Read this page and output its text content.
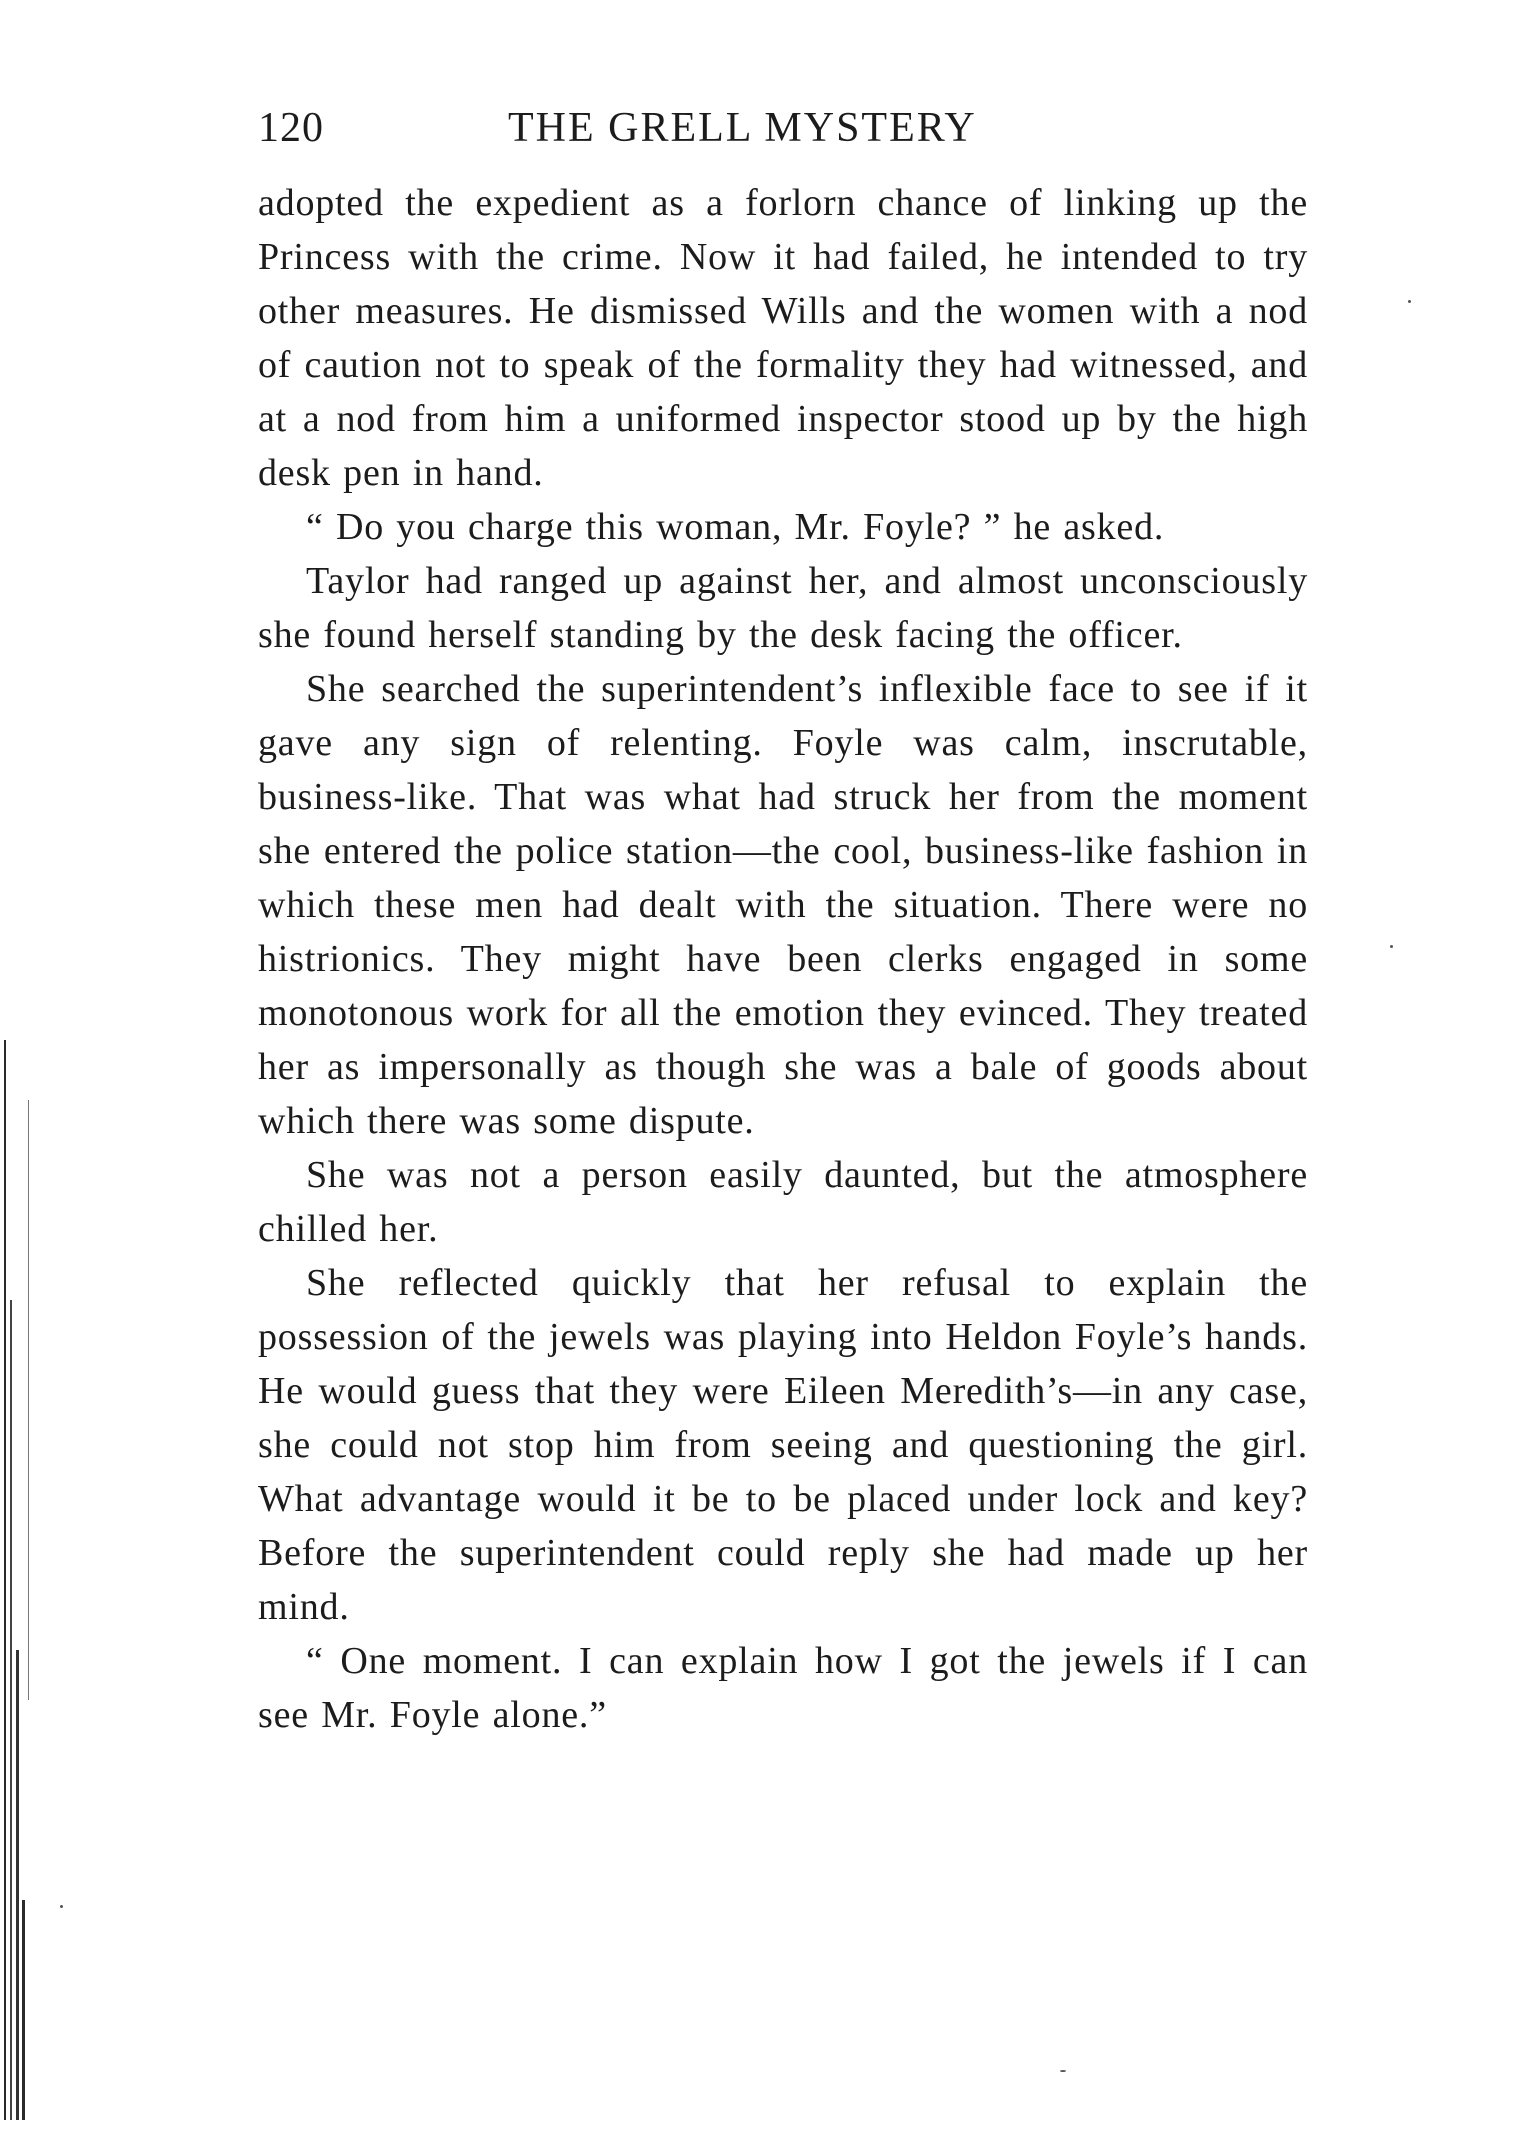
120	THE GRELL MYSTERY

adopted the expedient as a forlorn chance of linking up the Princess with the crime. Now it had failed, he intended to try other measures. He dismissed Wills and the women with a nod of caution not to speak of the formality they had witnessed, and at a nod from him a uniformed inspector stood up by the high desk pen in hand.

“ Do you charge this woman, Mr. Foyle? ” he asked.

Taylor had ranged up against her, and almost unconsciously she found herself standing by the desk facing the officer.

She searched the superintendent’s inflexible face to see if it gave any sign of relenting. Foyle was calm, inscrutable, business-like. That was what had struck her from the moment she entered the police station—the cool, business-like fashion in which these men had dealt with the situation. There were no histrionics. They might have been clerks engaged in some monotonous work for all the emotion they evinced. They treated her as impersonally as though she was a bale of goods about which there was some dispute.

She was not a person easily daunted, but the atmosphere chilled her.

She reflected quickly that her refusal to explain the possession of the jewels was playing into Heldon Foyle’s hands. He would guess that they were Eileen Meredith’s—in any case, she could not stop him from seeing and questioning the girl. What advantage would it be to be placed under lock and key? Before the superintendent could reply she had made up her mind.

“ One moment. I can explain how I got the jewels if I can see Mr. Foyle alone.”
